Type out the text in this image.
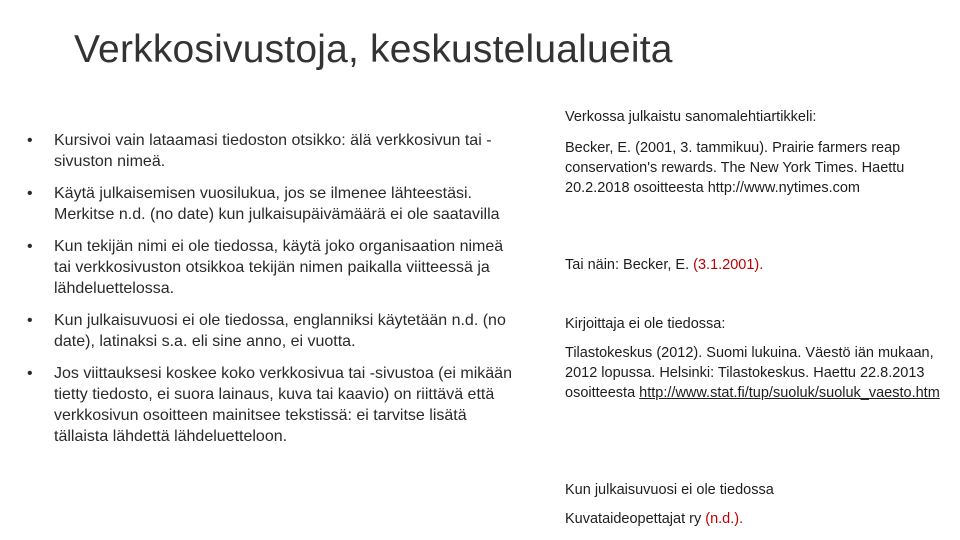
Verkkosivustoja, keskustelualueita
• Kursivoi vain lataamasi tiedoston otsikko: älä verkkosivun tai -sivuston nimeä.
• Käytä julkaisemisen vuosilukua, jos se ilmenee lähteestäsi. Merkitse n.d. (no date) kun julkaisupäivämäärä ei ole saatavilla
• Kun tekijän nimi ei ole tiedossa, käytä joko organisaation nimeä tai verkkosivuston otsikkoa tekijän nimen paikalla viitteessä ja lähdeluettelossa.
• Kun julkaisuvuosi ei ole tiedossa, englanniksi käytetään n.d. (no date), latinaksi s.a. eli sine anno, ei vuotta.
• Jos viittauksesi koskee koko verkkosivua tai -sivustoa (ei mikään tietty tiedosto, ei suora lainaus, kuva tai kaavio) on riittävä että verkkosivun osoitteen mainitsee tekstissä: ei tarvitse lisätä tällaista lähdettä lähdeluetteloon.

Verkossa julkaistu sanomalehtiartikkeli:

Becker, E. (2001, 3. tammikuu). Prairie farmers reap conservation's rewards. The New York Times. Haettu 20.2.2018 osoitteesta http://www.nytimes.com

Tai näin: Becker, E. (3.1.2001).

Kirjoittaja ei ole tiedossa:

Tilastokeskus (2012). Suomi lukuina. Väestö iän mukaan, 2012 lopussa. Helsinki: Tilastokeskus. Haettu 22.8.2013 osoitteesta http://www.stat.fi/tup/suoluk/suoluk_vaesto.htm

Kun julkaisuvuosi ei ole tiedossa

Kuvataideopettajat ry (n.d.).
